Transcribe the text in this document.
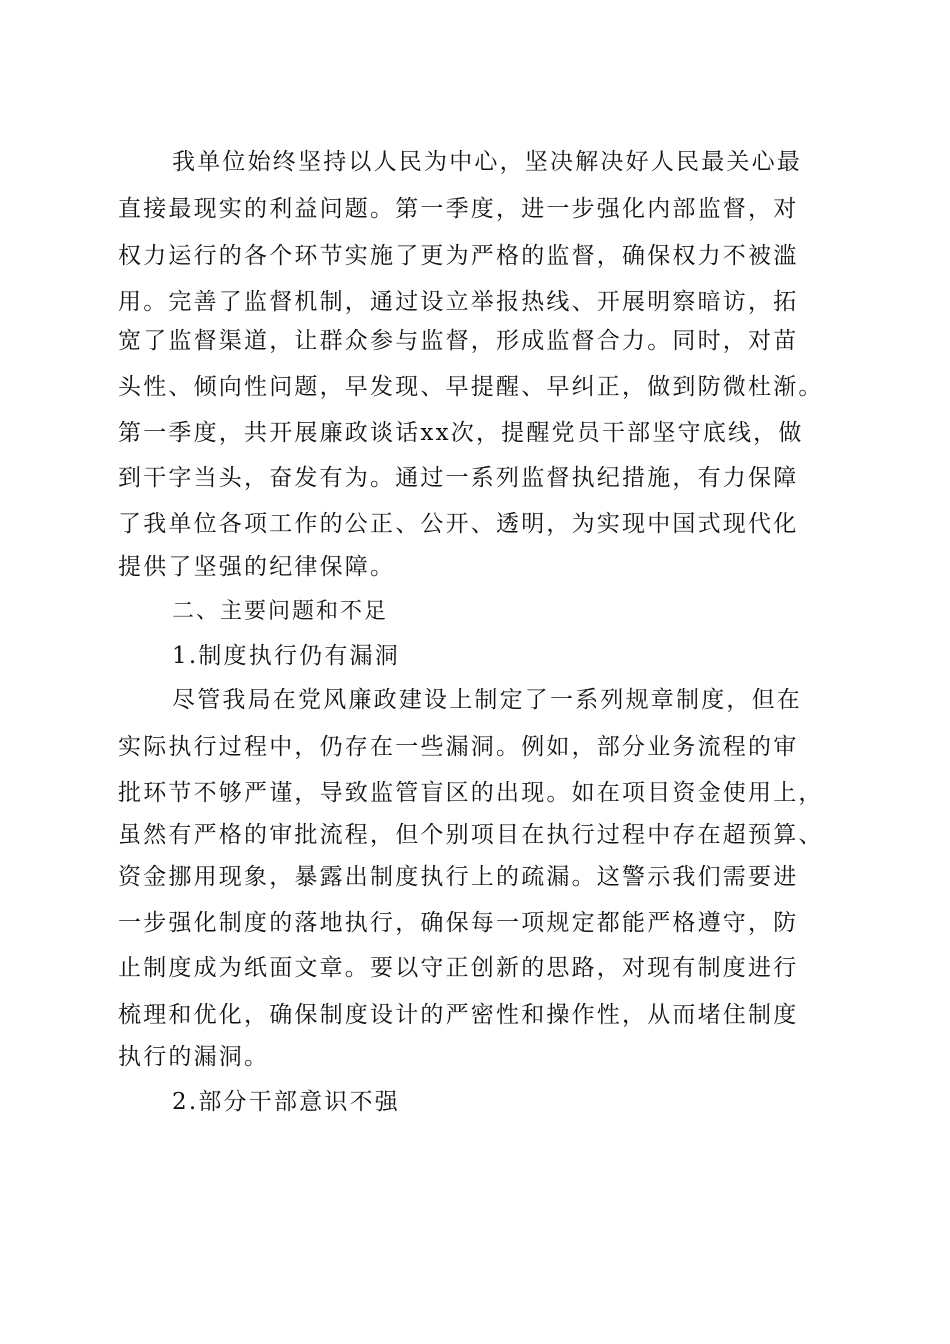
我单位始终坚持以人民为中心，坚决解决好人民最关心最
直接最现实的利益问题。第一季度，进一步强化内部监督，对
权力运行的各个环节实施了更为严格的监督，确保权力不被滥
用。完善了监督机制，通过设立举报热线、开展明察暗访，拓
宽了监督渠道，让群众参与监督，形成监督合力。同时，对苗
头性、倾向性问题，早发现、早提醒、早纠正，做到防微杜渐。
第一季度，共开展廉政谈话xx次，提醒党员干部坚守底线，做
到干字当头，奋发有为。通过一系列监督执纪措施，有力保障
了我单位各项工作的公正、公开、透明，为实现中国式现代化
提供了坚强的纪律保障。
二、主要问题和不足
1.制度执行仍有漏洞
尽管我局在党风廉政建设上制定了一系列规章制度，但在
实际执行过程中，仍存在一些漏洞。例如，部分业务流程的审
批环节不够严谨，导致监管盲区的出现。如在项目资金使用上，
虽然有严格的审批流程，但个别项目在执行过程中存在超预算、
资金挪用现象，暴露出制度执行上的疏漏。这警示我们需要进
一步强化制度的落地执行，确保每一项规定都能严格遵守，防
止制度成为纸面文章。要以守正创新的思路，对现有制度进行
梳理和优化，确保制度设计的严密性和操作性，从而堵住制度
执行的漏洞。
2.部分干部意识不强
